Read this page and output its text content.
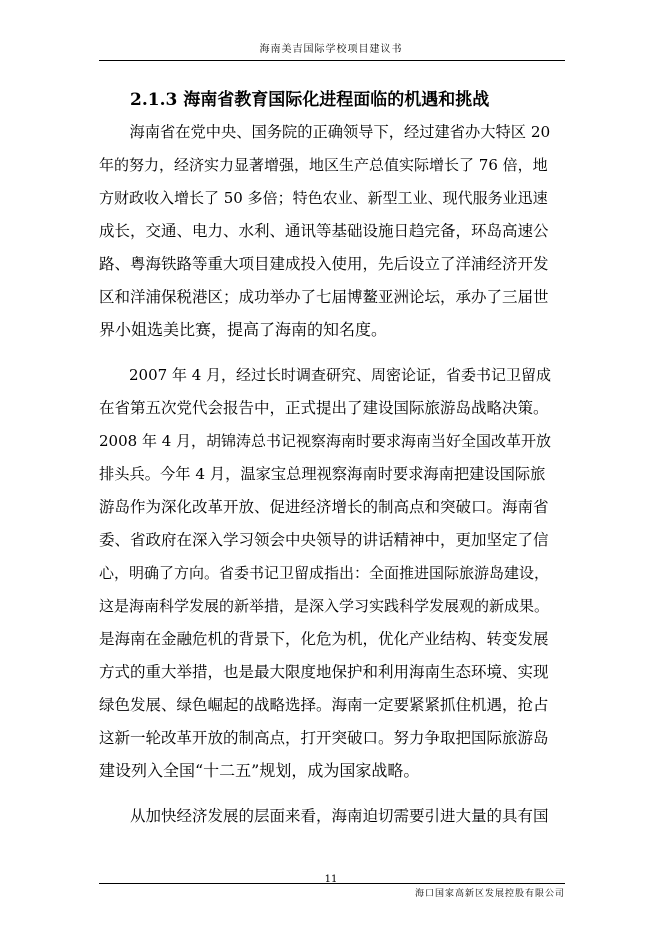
海南美吉国际学校项目建议书
2.1.3 海南省教育国际化进程面临的机遇和挑战
　　海南省在党中央、国务院的正确领导下，经过建省办大特区 20
年的努力，经济实力显著增强，地区生产总值实际增长了 76 倍，地
方财政收入增长了 50 多倍；特色农业、新型工业、现代服务业迅速
成长，交通、电力、水利、通讯等基础设施日趋完备，环岛高速公
路、粤海铁路等重大项目建成投入使用，先后设立了洋浦经济开发
区和洋浦保税港区；成功举办了七届博鳌亚洲论坛，承办了三届世
界小姐选美比赛，提高了海南的知名度。
　　2007 年 4 月，经过长时调查研究、周密论证，省委书记卫留成
在省第五次党代会报告中，正式提出了建设国际旅游岛战略决策。
2008 年 4 月，胡锦涛总书记视察海南时要求海南当好全国改革开放
排头兵。今年 4 月，温家宝总理视察海南时要求海南把建设国际旅
游岛作为深化改革开放、促进经济增长的制高点和突破口。海南省
委、省政府在深入学习领会中央领导的讲话精神中，更加坚定了信
心，明确了方向。省委书记卫留成指出：全面推进国际旅游岛建设，
这是海南科学发展的新举措，是深入学习实践科学发展观的新成果。
是海南在金融危机的背景下，化危为机，优化产业结构、转变发展
方式的重大举措，也是最大限度地保护和利用海南生态环境、实现
绿色发展、绿色崛起的战略选择。海南一定要紧紧抓住机遇，抢占
这新一轮改革开放的制高点，打开突破口。努力争取把国际旅游岛
建设列入全国“十二五”规划，成为国家战略。
　　从加快经济发展的层面来看，海南迫切需要引进大量的具有国
11
海口国家高新区发展控股有限公司
